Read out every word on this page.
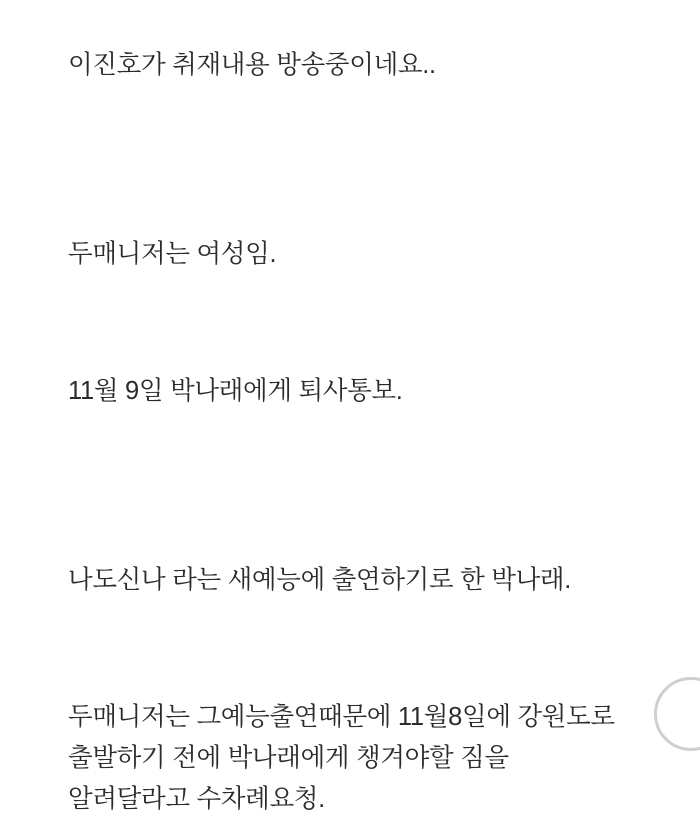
이진호가 취재내용 방송중이네요..

두매니저는 여성임.

11월 9일 박나래에게 퇴사통보.

나도신나 라는 새예능에 출연하기로 한 박나래.

두매니저는 그예능출연때문에 11월8일에 강원도로 출발하기 전에 박나래에게 챙겨야할 짐을 알려달라고 수차례요청.
